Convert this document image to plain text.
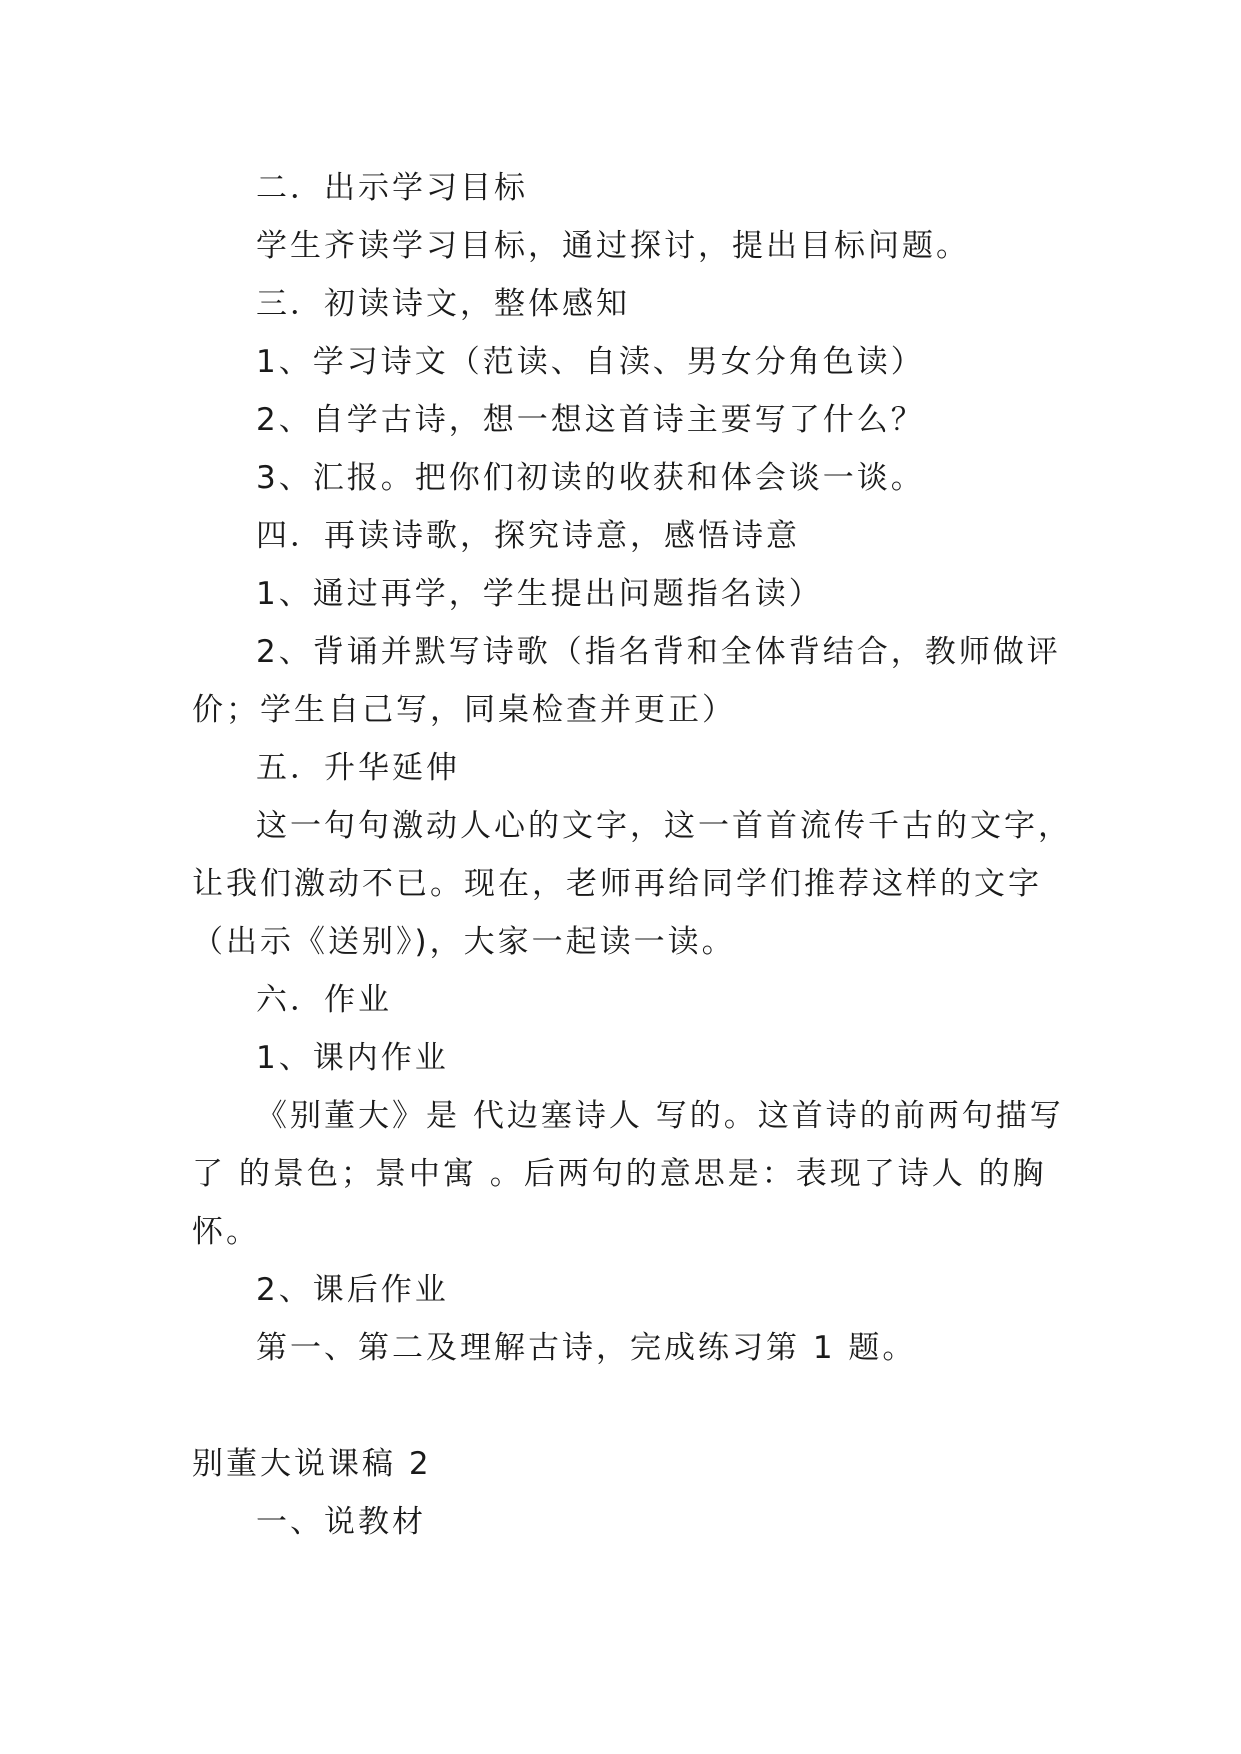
二．出示学习目标
学生齐读学习目标，通过探讨，提出目标问题。
三．初读诗文，整体感知
1、学习诗文（范读、自渎、男女分角色读）
2、自学古诗，想一想这首诗主要写了什么？
3、汇报。把你们初读的收获和体会谈一谈。
四．再读诗歌，探究诗意，感悟诗意
1、通过再学，学生提出问题指名读）
2、背诵并默写诗歌（指名背和全体背结合，教师做评
价；学生自己写，同桌检查并更正）
五．升华延伸
这一句句激动人心的文字，这一首首流传千古的文字，
让我们激动不已。现在，老师再给同学们推荐这样的文字
（出示《送别》)，大家一起读一读。
六．作业
1、课内作业
《别董大》是 代边塞诗人 写的。这首诗的前两句描写
了 的景色；景中寓 。后两句的意思是：表现了诗人 的胸
怀。
2、课后作业
第一、第二及理解古诗，完成练习第 1 题。
别董大说课稿 2
一、说教材
